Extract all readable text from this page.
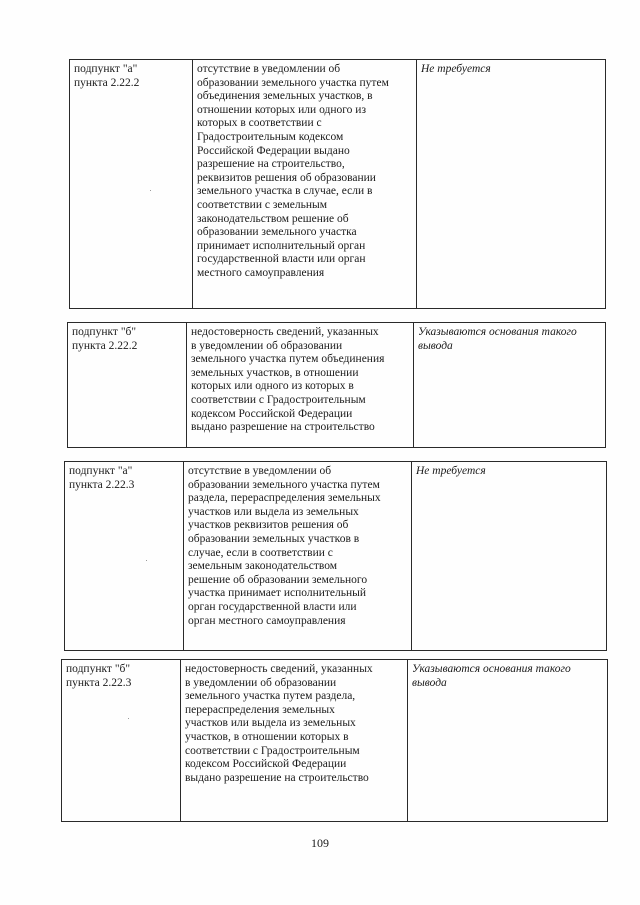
подпункт "а"
пункта 2.22.2
отсутствие в уведомлении об
образовании земельного участка путем
объединения земельных участков, в
отношении которых или одного из
которых в соответствии с
Градостроительным кодексом
Российской Федерации выдано
разрешение на строительство,
реквизитов решения об образовании
земельного участка в случае, если в
соответствии с земельным
законодательством решение об
образовании земельного участка
принимает исполнительный орган
государственной власти или орган
местного самоуправления
Не требуется
подпункт "б"
пункта 2.22.2
недостоверность сведений, указанных
в уведомлении об образовании
земельного участка путем объединения
земельных участков, в отношении
которых или одного из которых в
соответствии с Градостроительным
кодексом Российской Федерации
выдано разрешение на строительство
Указываются основания такого
вывода
подпункт "а"
пункта 2.22.3
отсутствие в уведомлении об
образовании земельного участка путем
раздела, перераспределения земельных
участков или выдела из земельных
участков реквизитов решения об
образовании земельных участков в
случае, если в соответствии с
земельным законодательством
решение об образовании земельного
участка принимает исполнительный
орган государственной власти или
орган местного самоуправления
Не требуется
подпункт "б"
пункта 2.22.3
недостоверность сведений, указанных
в уведомлении об образовании
земельного участка путем раздела,
перераспределения земельных
участков или выдела из земельных
участков, в отношении которых в
соответствии с Градостроительным
кодексом Российской Федерации
выдано разрешение на строительство
Указываются основания такого
вывода
109
